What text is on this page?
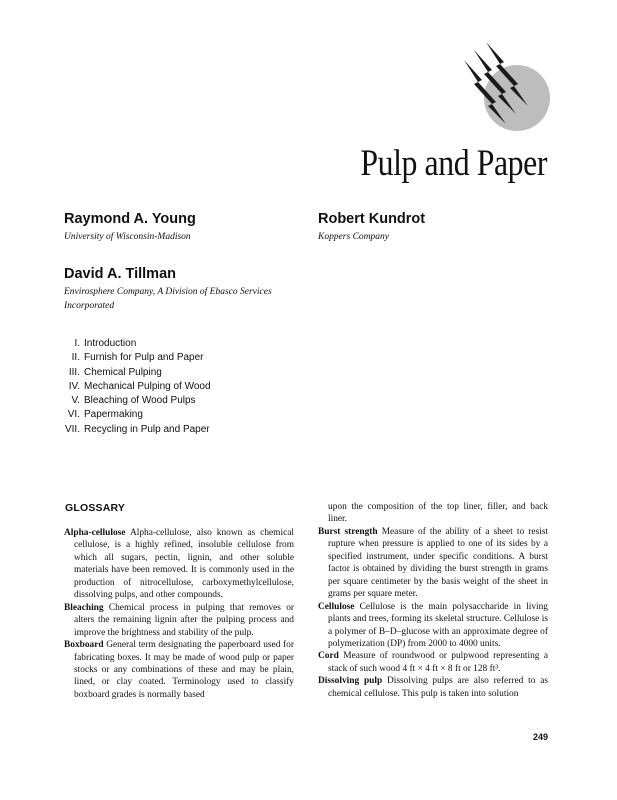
Pulp and Paper
Raymond A. Young
University of Wisconsin-Madison
Robert Kundrot
Koppers Company
David A. Tillman
Envirosphere Company, A Division of Ebasco Services
Incorporated
I. Introduction
II. Furnish for Pulp and Paper
III. Chemical Pulping
IV. Mechanical Pulping of Wood
V. Bleaching of Wood Pulps
VI. Papermaking
VII. Recycling in Pulp and Paper
GLOSSARY

Alpha-cellulose Alpha-cellulose, also known as chemical cellulose, is a highly refined, insoluble cellulose from which all sugars, pectin, lignin, and other soluble materials have been removed. It is commonly used in the production of nitrocellulose, carboxymethylcellulose, dissolving pulps, and other compounds.

Bleaching Chemical process in pulping that removes or alters the remaining lignin after the pulping process and improve the brightness and stability of the pulp.

Boxboard General term designating the paperboard used for fabricating boxes. It may be made of wood pulp or paper stocks or any combinations of these and may be plain, lined, or clay coated. Terminology used to classify boxboard grades is normally based

upon the composition of the top liner, filler, and back liner.

Burst strength Measure of the ability of a sheet to resist rupture when pressure is applied to one of its sides by a specified instrument, under specific conditions. A burst factor is obtained by dividing the burst strength in grams per square centimeter by the basis weight of the sheet in grams per square meter.

Cellulose Cellulose is the main polysaccharide in living plants and trees, forming its skeletal structure. Cellulose is a polymer of B–D–glucose with an approximate degree of polymerization (DP) from 2000 to 4000 units.

Cord Measure of roundwood or pulpwood representing a stack of such wood 4 ft × 4 ft × 8 ft or 128 ft³.

Dissolving pulp Dissolving pulps are also referred to as chemical cellulose. This pulp is taken into solution

249
